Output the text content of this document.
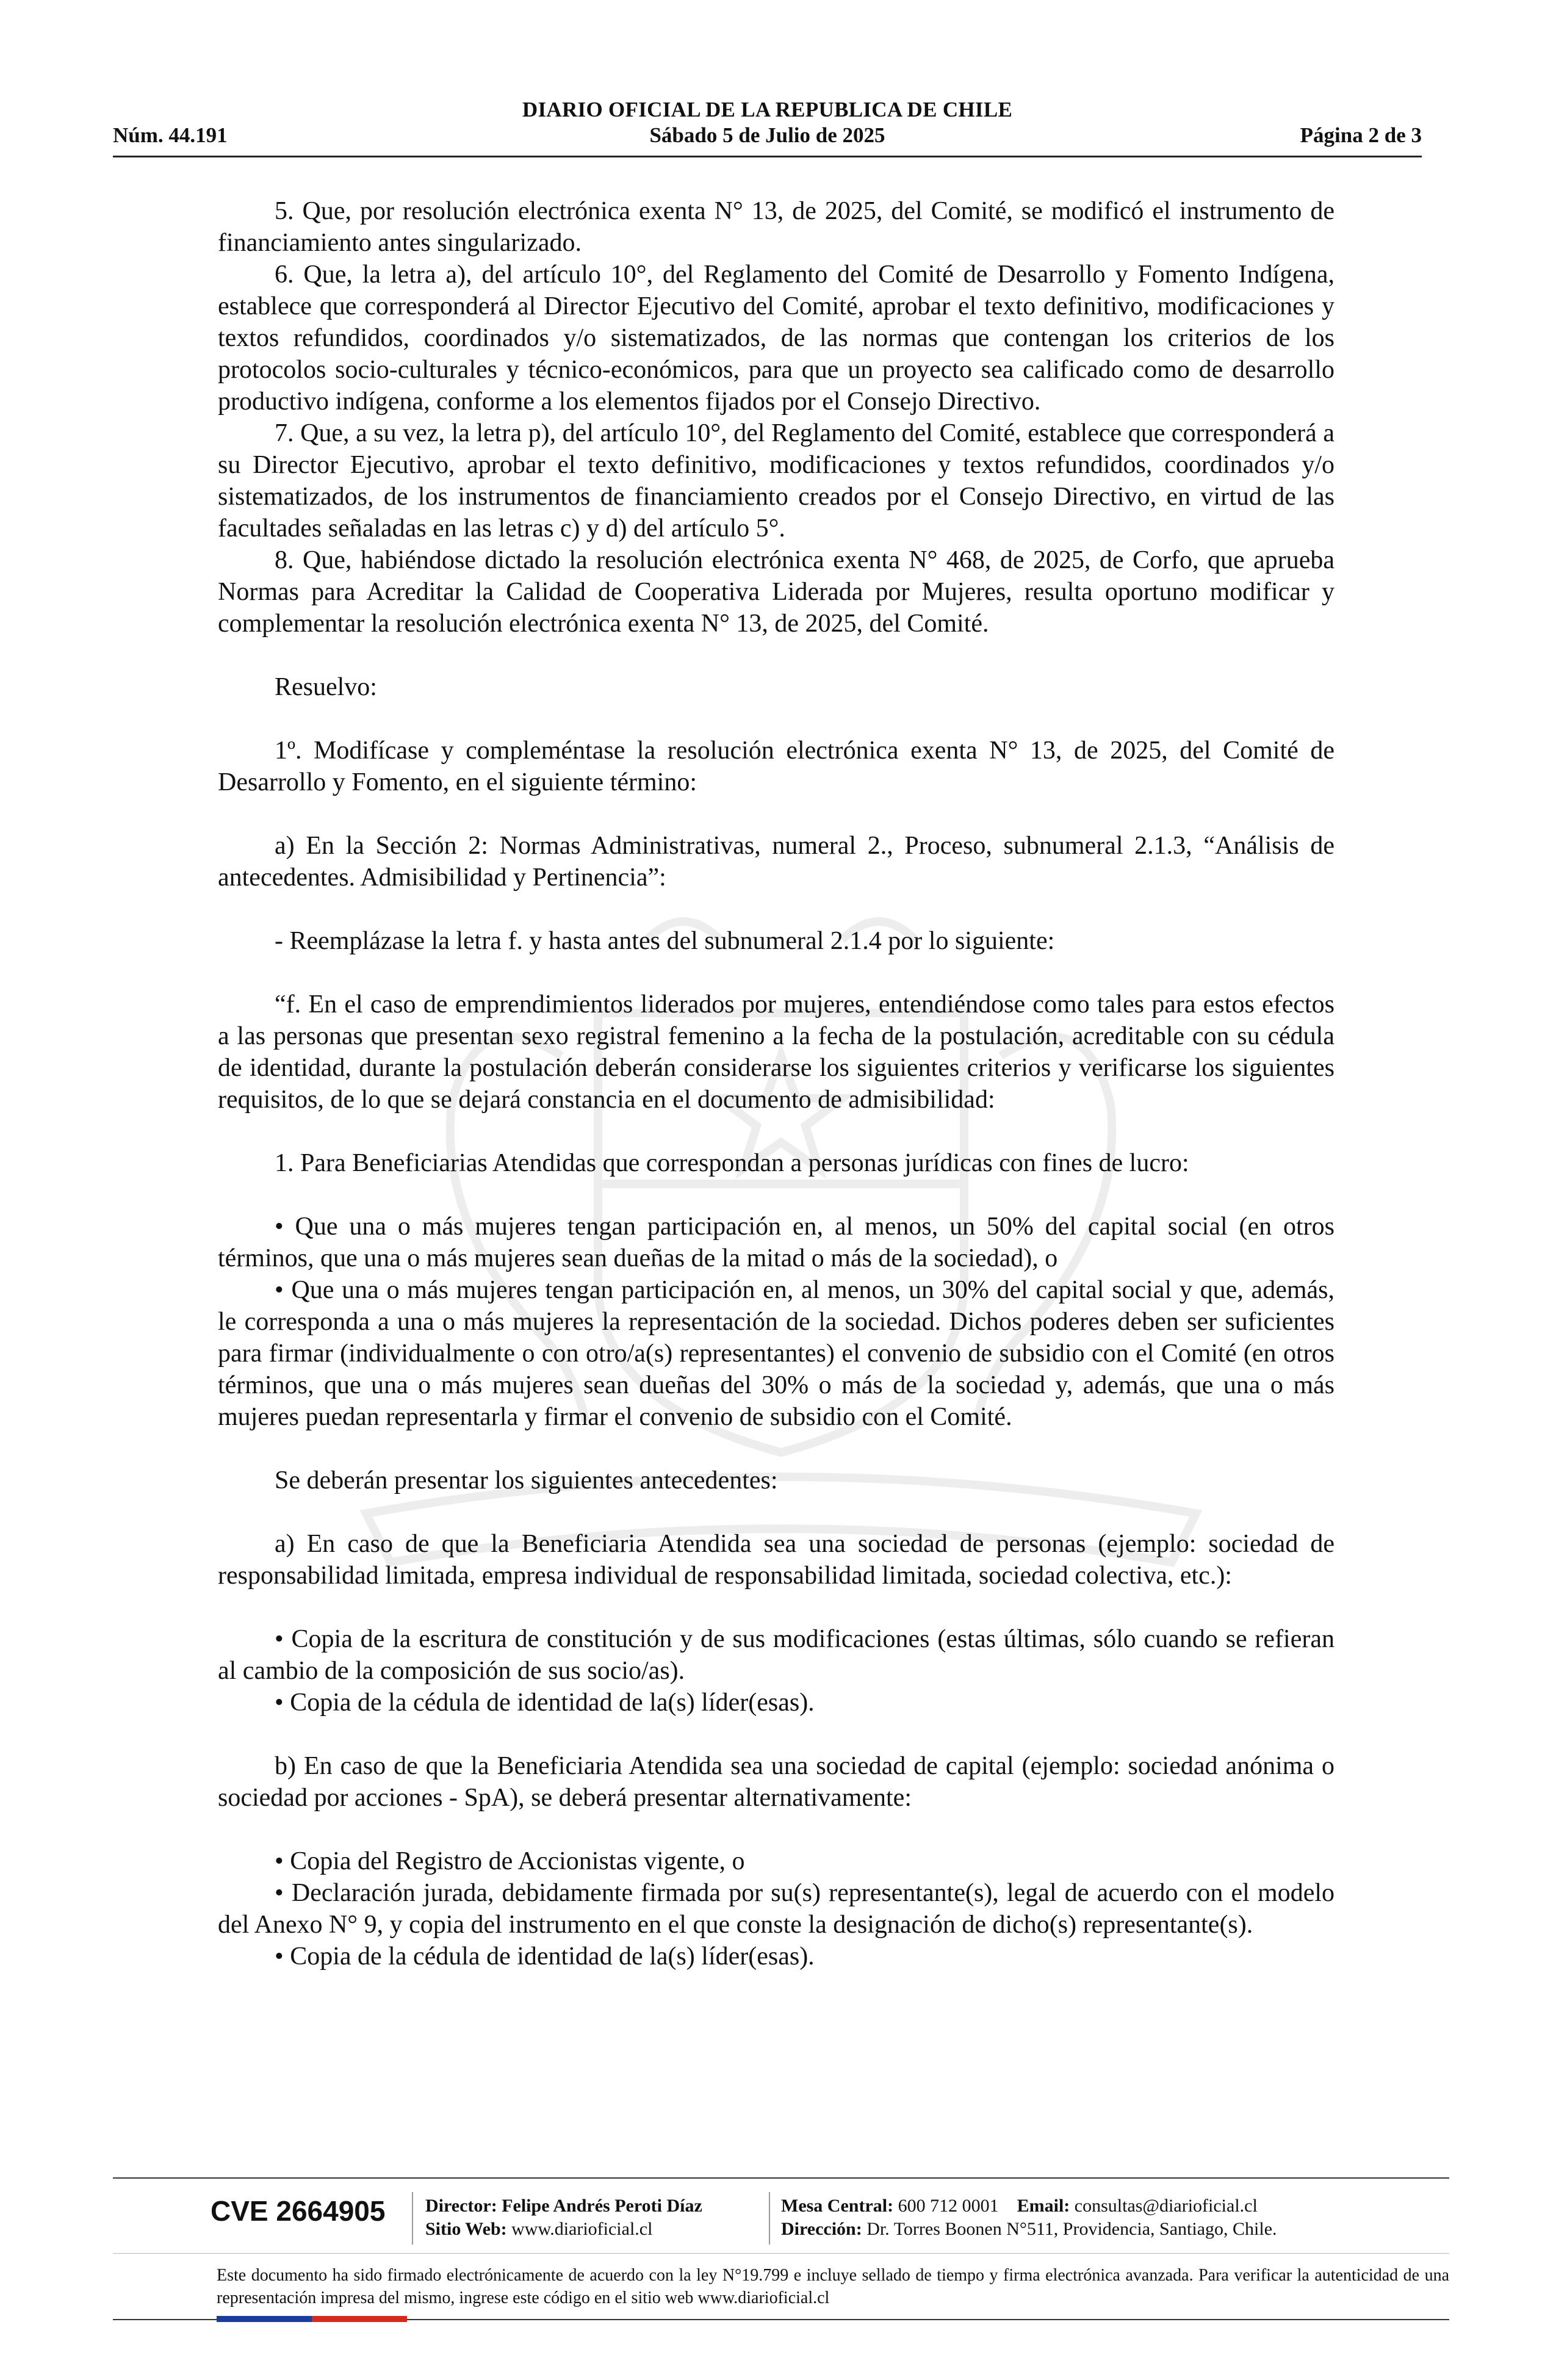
DIARIO OFICIAL DE LA REPUBLICA DE CHILE
Núm. 44.191	Sábado 5 de Julio de 2025	Página 2 de 3

5. Que, por resolución electrónica exenta N° 13, de 2025, del Comité, se modificó el instrumento de financiamiento antes singularizado.

6. Que, la letra a), del artículo 10°, del Reglamento del Comité de Desarrollo y Fomento Indígena, establece que corresponderá al Director Ejecutivo del Comité, aprobar el texto definitivo, modificaciones y textos refundidos, coordinados y/o sistematizados, de las normas que contengan los criterios de los protocolos socio-culturales y técnico-económicos, para que un proyecto sea calificado como de desarrollo productivo indígena, conforme a los elementos fijados por el Consejo Directivo.

7. Que, a su vez, la letra p), del artículo 10°, del Reglamento del Comité, establece que corresponderá a su Director Ejecutivo, aprobar el texto definitivo, modificaciones y textos refundidos, coordinados y/o sistematizados, de los instrumentos de financiamiento creados por el Consejo Directivo, en virtud de las facultades señaladas en las letras c) y d) del artículo 5°.

8. Que, habiéndose dictado la resolución electrónica exenta N° 468, de 2025, de Corfo, que aprueba Normas para Acreditar la Calidad de Cooperativa Liderada por Mujeres, resulta oportuno modificar y complementar la resolución electrónica exenta N° 13, de 2025, del Comité.

Resuelvo:

1º. Modifícase y compleméntase la resolución electrónica exenta N° 13, de 2025, del Comité de Desarrollo y Fomento, en el siguiente término:

a) En la Sección 2: Normas Administrativas, numeral 2., Proceso, subnumeral 2.1.3, “Análisis de antecedentes. Admisibilidad y Pertinencia”:

- Reemplázase la letra f. y hasta antes del subnumeral 2.1.4 por lo siguiente:

“f. En el caso de emprendimientos liderados por mujeres, entendiéndose como tales para estos efectos a las personas que presentan sexo registral femenino a la fecha de la postulación, acreditable con su cédula de identidad, durante la postulación deberán considerarse los siguientes criterios y verificarse los siguientes requisitos, de lo que se dejará constancia en el documento de admisibilidad:

1. Para Beneficiarias Atendidas que correspondan a personas jurídicas con fines de lucro:

• Que una o más mujeres tengan participación en, al menos, un 50% del capital social (en otros términos, que una o más mujeres sean dueñas de la mitad o más de la sociedad), o

• Que una o más mujeres tengan participación en, al menos, un 30% del capital social y que, además, le corresponda a una o más mujeres la representación de la sociedad. Dichos poderes deben ser suficientes para firmar (individualmente o con otro/a(s) representantes) el convenio de subsidio con el Comité (en otros términos, que una o más mujeres sean dueñas del 30% o más de la sociedad y, además, que una o más mujeres puedan representarla y firmar el convenio de subsidio con el Comité.

Se deberán presentar los siguientes antecedentes:

a) En caso de que la Beneficiaria Atendida sea una sociedad de personas (ejemplo: sociedad de responsabilidad limitada, empresa individual de responsabilidad limitada, sociedad colectiva, etc.):

• Copia de la escritura de constitución y de sus modificaciones (estas últimas, sólo cuando se refieran al cambio de la composición de sus socio/as).

• Copia de la cédula de identidad de la(s) líder(esas).

b) En caso de que la Beneficiaria Atendida sea una sociedad de capital (ejemplo: sociedad anónima o sociedad por acciones - SpA), se deberá presentar alternativamente:

• Copia del Registro de Accionistas vigente, o

• Declaración jurada, debidamente firmada por su(s) representante(s), legal de acuerdo con el modelo del Anexo N° 9, y copia del instrumento en el que conste la designación de dicho(s) representante(s).

• Copia de la cédula de identidad de la(s) líder(esas).

CVE 2664905 Director: Felipe Andrés Peroti Díaz
Sitio Web: www.diarioficial.cl
Mesa Central: 600 712 0001 Email: consultas@diarioficial.cl
Dirección: Dr. Torres Boonen N°511, Providencia, Santiago, Chile.
Este documento ha sido firmado electrónicamente de acuerdo con la ley N°19.799 e incluye sellado de tiempo y firma electrónica avanzada. Para verificar la autenticidad de una representación impresa del mismo, ingrese este código en el sitio web www.diarioficial.cl
